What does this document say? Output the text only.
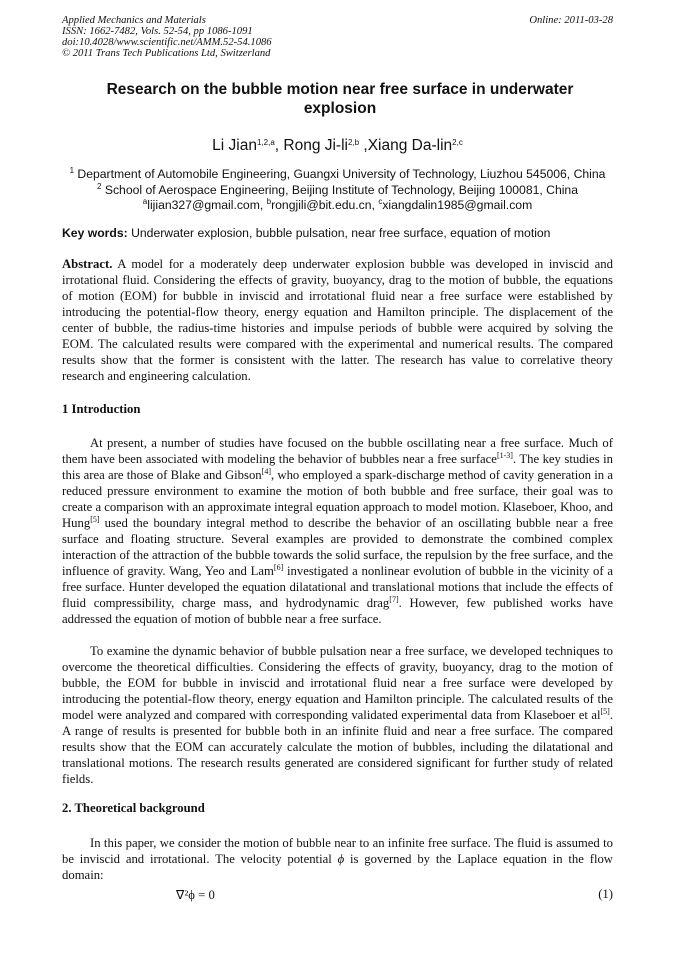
Applied Mechanics and Materials
ISSN: 1662-7482, Vols. 52-54, pp 1086-1091
doi:10.4028/www.scientific.net/AMM.52-54.1086
© 2011 Trans Tech Publications Ltd, Switzerland
Online: 2011-03-28
Research on the bubble motion near free surface in underwater explosion
Li Jian$^{1,2,a}$, Rong Ji-li$^{2,b}$ ,Xiang Da-lin$^{2,c}$
$^1$ Department of Automobile Engineering, Guangxi University of Technology, Liuzhou 545006, China
$^2$ School of Aerospace Engineering, Beijing Institute of Technology, Beijing 100081, China
$^a$lijian327@gmail.com, $^b$rongjili@bit.edu.cn, $^c$xiangdalin1985@gmail.com
Key words: Underwater explosion, bubble pulsation, near free surface, equation of motion
Abstract. A model for a moderately deep underwater explosion bubble was developed in inviscid and irrotational fluid. Considering the effects of gravity, buoyancy, drag to the motion of bubble, the equations of motion (EOM) for bubble in inviscid and irrotational fluid near a free surface were established by introducing the potential-flow theory, energy equation and Hamilton principle. The displacement of the center of bubble, the radius-time histories and impulse periods of bubble were acquired by solving the EOM. The calculated results were compared with the experimental and numerical results. The compared results show that the former is consistent with the latter. The research has value to correlative theory research and engineering calculation.
1 Introduction
At present, a number of studies have focused on the bubble oscillating near a free surface. Much of them have been associated with modeling the behavior of bubbles near a free surface[1-3]. The key studies in this area are those of Blake and Gibson[4], who employed a spark-discharge method of cavity generation in a reduced pressure environment to examine the motion of both bubble and free surface, their goal was to create a comparison with an approximate integral equation approach to model motion. Klaseboer, Khoo, and Hung[5] used the boundary integral method to describe the behavior of an oscillating bubble near a free surface and floating structure. Several examples are provided to demonstrate the combined complex interaction of the attraction of the bubble towards the solid surface, the repulsion by the free surface, and the influence of gravity. Wang, Yeo and Lam[6] investigated a nonlinear evolution of bubble in the vicinity of a free surface. Hunter developed the equation dilatational and translational motions that include the effects of fluid compressibility, charge mass, and hydrodynamic drag[7]. However, few published works have addressed the equation of motion of bubble near a free surface.
To examine the dynamic behavior of bubble pulsation near a free surface, we developed techniques to overcome the theoretical difficulties. Considering the effects of gravity, buoyancy, drag to the motion of bubble, the EOM for bubble in inviscid and irrotational fluid near a free surface were developed by introducing the potential-flow theory, energy equation and Hamilton principle. The calculated results of the model were analyzed and compared with corresponding validated experimental data from Klaseboer et al[5]. A range of results is presented for bubble both in an infinite fluid and near a free surface. The compared results show that the EOM can accurately calculate the motion of bubbles, including the dilatational and translational motions. The research results generated are considered significant for further study of related fields.
2. Theoretical background
In this paper, we consider the motion of bubble near to an infinite free surface. The fluid is assumed to be inviscid and irrotational. The velocity potential ϕ is governed by the Laplace equation in the flow domain:
∇²ϕ = 0	(1)
